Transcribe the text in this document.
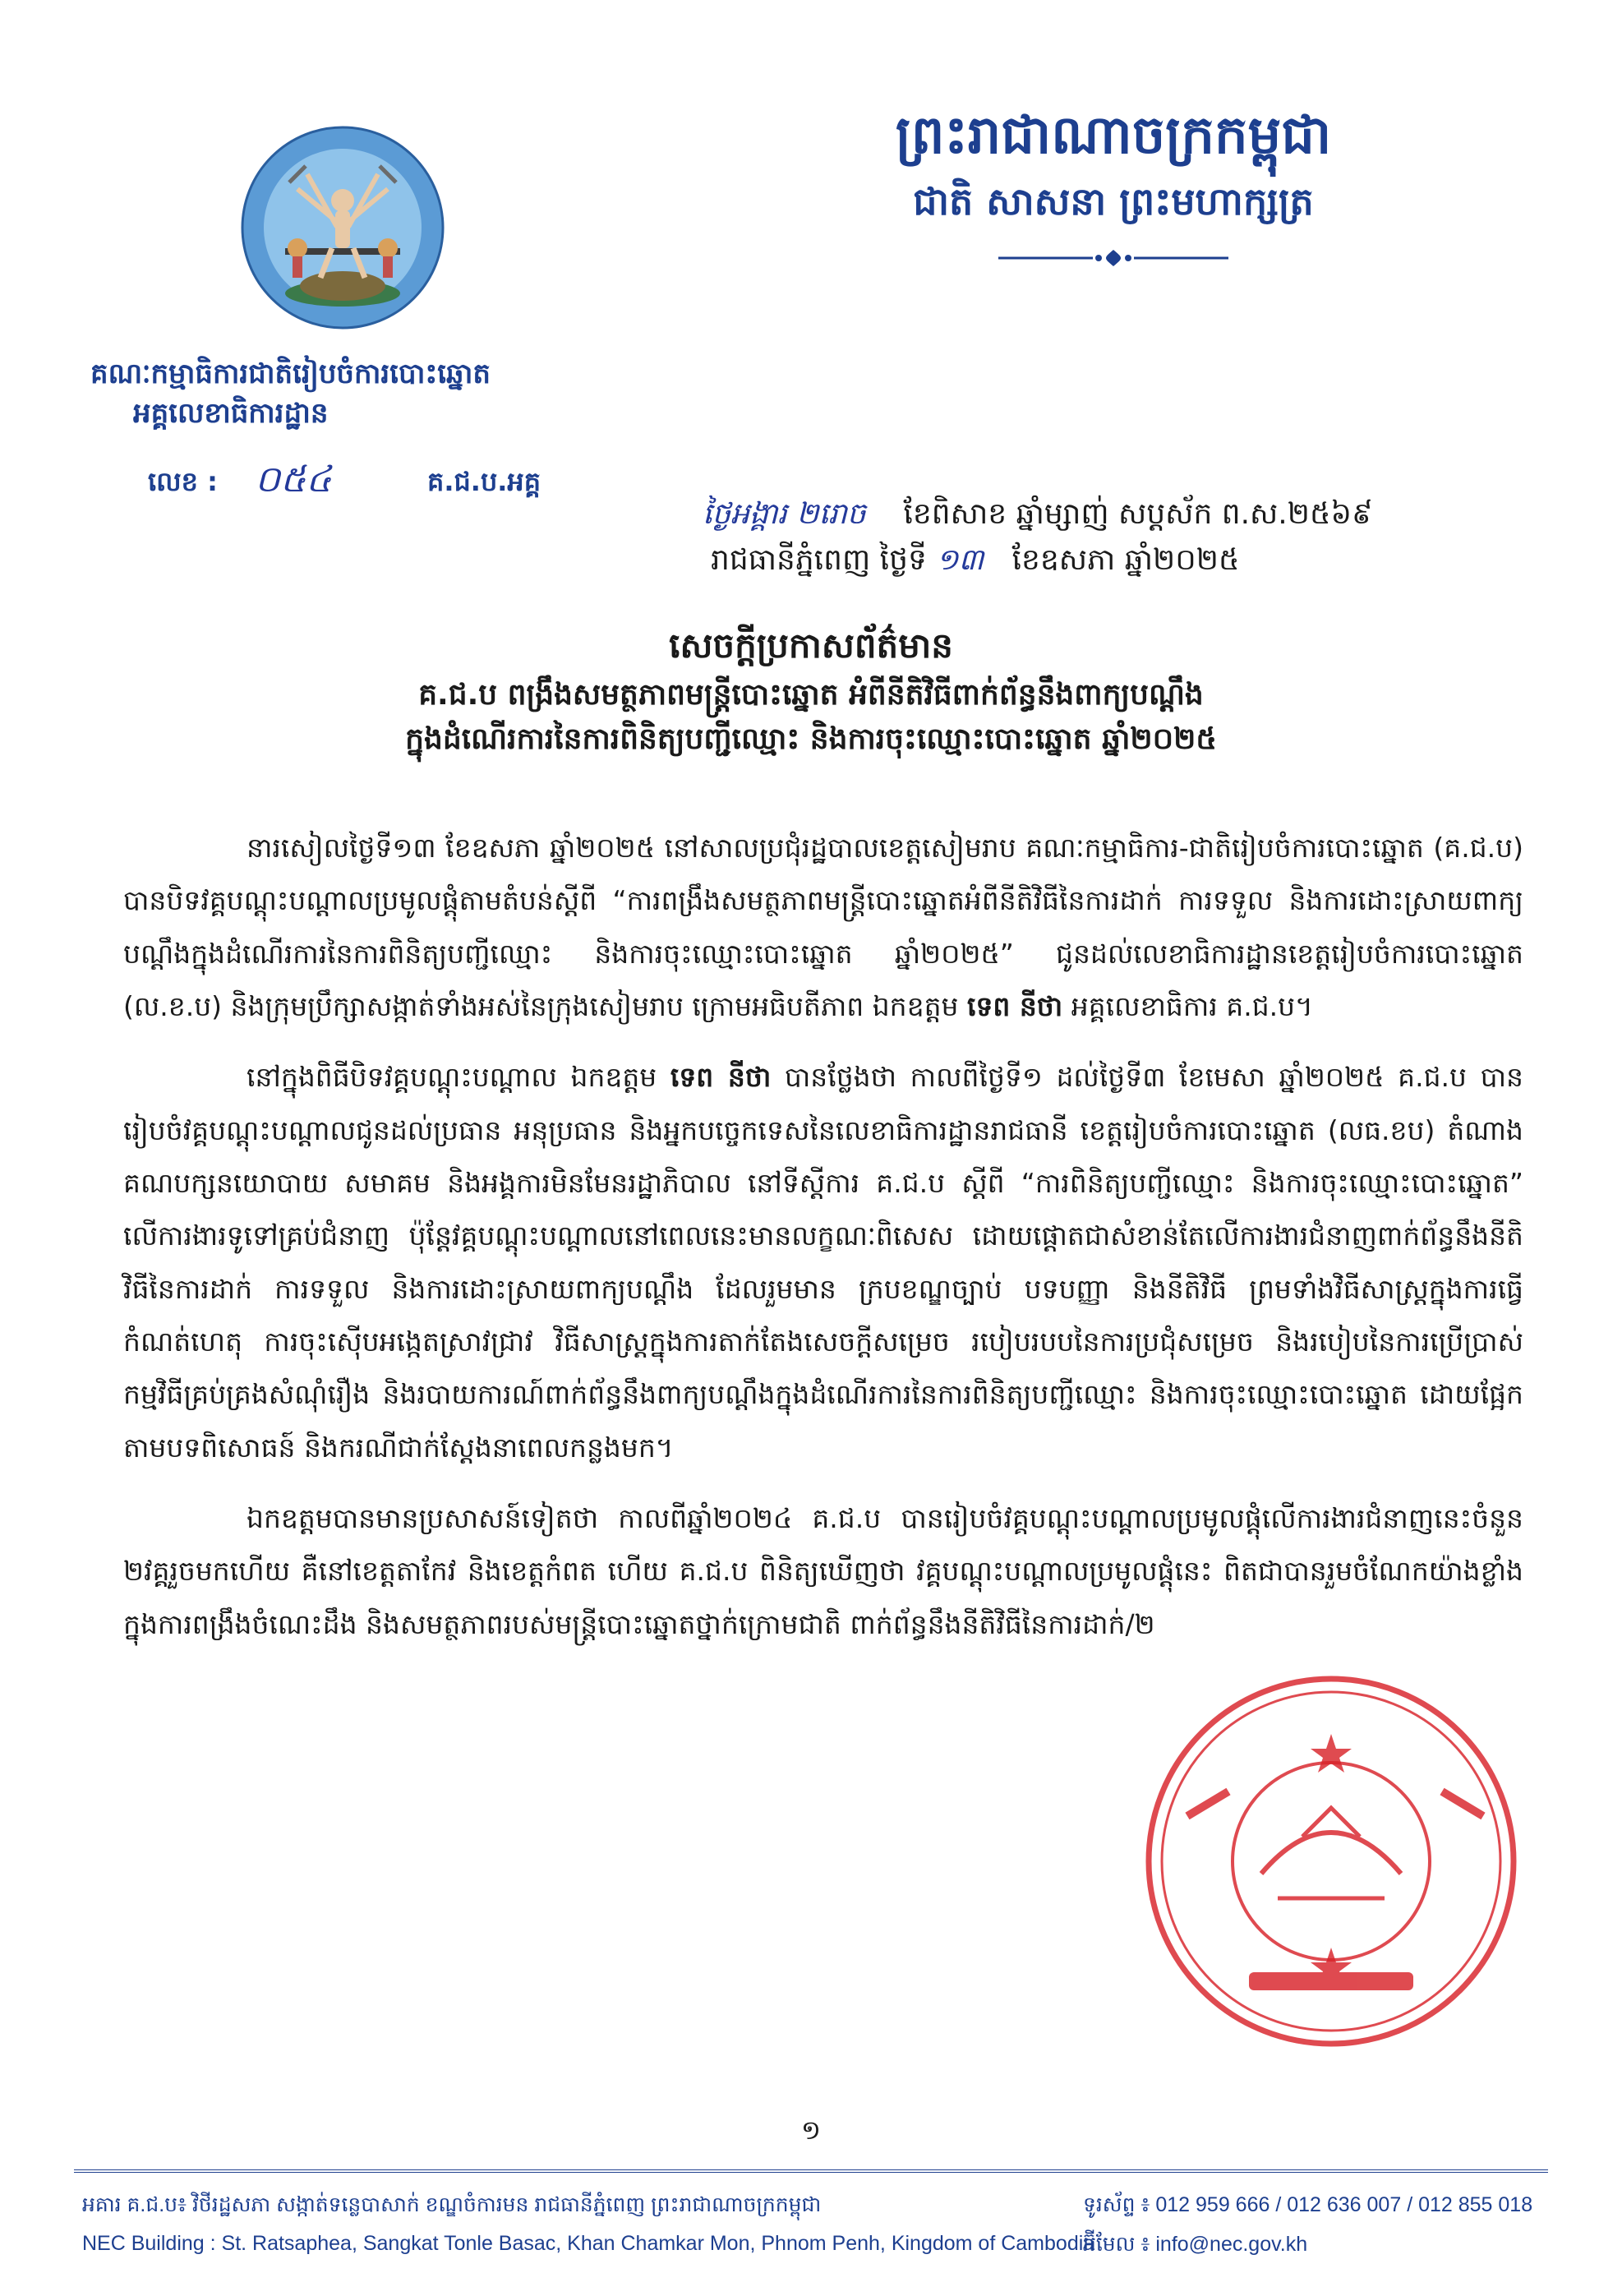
ព្រះរាជាណាចក្រកម្ពុជា
ជាតិ សាសនា ព្រះមហាក្សត្រ
គណៈកម្មាធិការជាតិរៀបចំការបោះឆ្នោត
អគ្គលេខាធិការដ្ឋាន
លេខ : ០៥៤	គ.ជ.ប.អគ្គ
ថ្ងៃអង្គារ ២រោច ខែពិសាខ ឆ្នាំម្សាញ់ សប្តស័ក ព.ស.២៥៦៩
រាជធានីភ្នំពេញ ថ្ងៃទី ១៣ ខែឧសភា ឆ្នាំ២០២៥
សេចក្តីប្រកាសព័ត៌មាន
គ.ជ.ប ពង្រឹងសមត្ថភាពមន្ត្រីបោះឆ្នោត អំពីនីតិវិធីពាក់ព័ន្ធនឹងពាក្យបណ្តឹង
ក្នុងដំណើរការនៃការពិនិត្យបញ្ជីឈ្មោះ និងការចុះឈ្មោះបោះឆ្នោត ឆ្នាំ២០២៥

នារសៀលថ្ងៃទី១៣ ខែឧសភា ឆ្នាំ២០២៥ នៅសាលប្រជុំរដ្ឋបាលខេត្តសៀមរាប គណៈកម្មាធិការ-ជាតិរៀបចំការបោះឆ្នោត (គ.ជ.ប) បានបិទវគ្គបណ្តុះបណ្តាលប្រមូលផ្តុំតាមតំបន់ស្តីពី “ការពង្រឹងសមត្ថភាពមន្ត្រីបោះឆ្នោតអំពីនីតិវិធីនៃការដាក់ ការទទួល និងការដោះស្រាយពាក្យបណ្តឹងក្នុងដំណើរការនៃការពិនិត្យបញ្ជីឈ្មោះ និងការចុះឈ្មោះបោះឆ្នោត ឆ្នាំ២០២៥” ជូនដល់លេខាធិការដ្ឋានខេត្តរៀបចំការបោះឆ្នោត (ល.ខ.ប) និងក្រុមប្រឹក្សាសង្កាត់ទាំងអស់នៃក្រុងសៀមរាប ក្រោមអធិបតីភាព ឯកឧត្តម ទេព នីថា អគ្គលេខាធិការ គ.ជ.ប។

នៅក្នុងពិធីបិទវគ្គបណ្តុះបណ្តាល ឯកឧត្តម ទេព នីថា បានថ្លែងថា កាលពីថ្ងៃទី១ ដល់ថ្ងៃទី៣ ខែមេសា ឆ្នាំ២០២៥ គ.ជ.ប បានរៀបចំវគ្គបណ្តុះបណ្តាលជូនដល់ប្រធាន អនុប្រធាន និងអ្នកបច្ចេកទេសនៃលេខាធិការដ្ឋានរាជធានី ខេត្តរៀបចំការបោះឆ្នោត (លធ.ខប) តំណាងគណបក្សនយោបាយ សមាគម និងអង្គការមិនមែនរដ្ឋាភិបាល នៅទីស្តីការ គ.ជ.ប ស្តីពី “ការពិនិត្យបញ្ជីឈ្មោះ និងការចុះឈ្មោះបោះឆ្នោត” លើការងារទូទៅគ្រប់ជំនាញ ប៉ុន្តែវគ្គបណ្តុះបណ្តាលនៅពេលនេះមានលក្ខណៈពិសេស ដោយផ្តោតជាសំខាន់តែលើការងារជំនាញពាក់ព័ន្ធនឹងនីតិវិធីនៃការដាក់ ការទទួល និងការដោះស្រាយពាក្យបណ្តឹង ដែលរួមមាន ក្របខណ្ឌច្បាប់ បទបញ្ញា និងនីតិវិធី ព្រមទាំងវិធីសាស្ត្រក្នុងការធ្វើកំណត់ហេតុ ការចុះស៊ើបអង្កេតស្រាវជ្រាវ វិធីសាស្ត្រក្នុងការតាក់តែងសេចក្តីសម្រេច របៀបរបបនៃការប្រជុំសម្រេច និងរបៀបនៃការប្រើប្រាស់កម្មវិធីគ្រប់គ្រងសំណុំរឿង និងរបាយការណ៍ពាក់ព័ន្ធនឹងពាក្យបណ្តឹងក្នុងដំណើរការនៃការពិនិត្យបញ្ជីឈ្មោះ និងការចុះឈ្មោះបោះឆ្នោត ដោយផ្អែកតាមបទពិសោធន៍ និងករណីជាក់ស្តែងនាពេលកន្លងមក។

ឯកឧត្តមបានមានប្រសាសន៍ទៀតថា កាលពីឆ្នាំ២០២៤ គ.ជ.ប បានរៀបចំវគ្គបណ្តុះបណ្តាលប្រមូលផ្តុំលើការងារជំនាញនេះចំនួន ២វគ្គរួចមកហើយ គឺនៅខេត្តតាកែវ និងខេត្តកំពត ហើយ គ.ជ.ប ពិនិត្យឃើញថា វគ្គបណ្តុះបណ្តាលប្រមូលផ្តុំនេះ ពិតជាបានរួមចំណែកយ៉ាងខ្លាំងក្នុងការពង្រឹងចំណេះដឹង និងសមត្ថភាពរបស់មន្ត្រីបោះឆ្នោតថ្នាក់ក្រោមជាតិ ពាក់ព័ន្ធនឹងនីតិវិធីនៃការដាក់/២

១
អគារ គ.ជ.ប៖ វិថីរដ្ឋសភា សង្កាត់ទន្លេបាសាក់ ខណ្ឌចំការមន រាជធានីភ្នំពេញ ព្រះរាជាណាចក្រកម្ពុជា
NEC Building : St. Ratsaphea, Sangkat Tonle Basac, Khan Chamkar Mon, Phnom Penh, Kingdom of Cambodia
ទូរស័ព្ទ ៖ 012 959 666 / 012 636 007 / 012 855 018
អ៊ីមែល ៖ info@nec.gov.kh
